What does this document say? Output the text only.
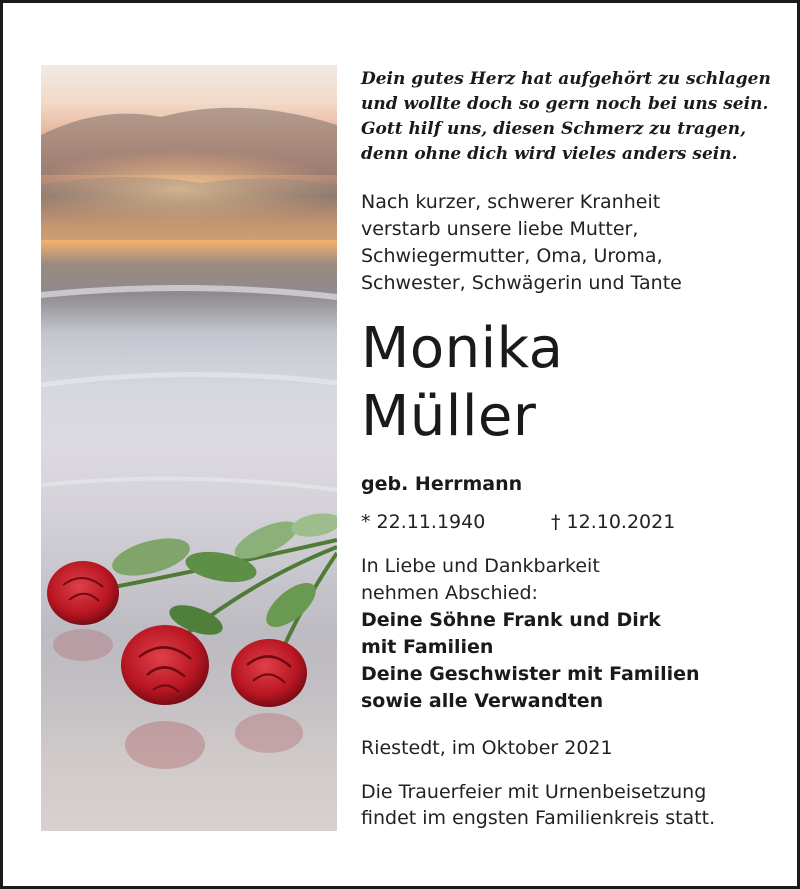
Dein gutes Herz hat aufgehört zu schlagen
und wollte doch so gern noch bei uns sein.
Gott hilf uns, diesen Schmerz zu tragen,
denn ohne dich wird vieles anders sein.
Nach kurzer, schwerer Kranheit
verstarb unsere liebe Mutter,
Schwiegermutter, Oma, Uroma,
Schwester, Schwägerin und Tante
Monika
Müller
geb. Herrmann
* 22.11.1940	† 12.10.2021
In Liebe und Dankbarkeit
nehmen Abschied:
Deine Söhne Frank und Dirk
mit Familien
Deine Geschwister mit Familien
sowie alle Verwandten
Riestedt, im Oktober 2021
Die Trauerfeier mit Urnenbeisetzung
findet im engsten Familienkreis statt.
